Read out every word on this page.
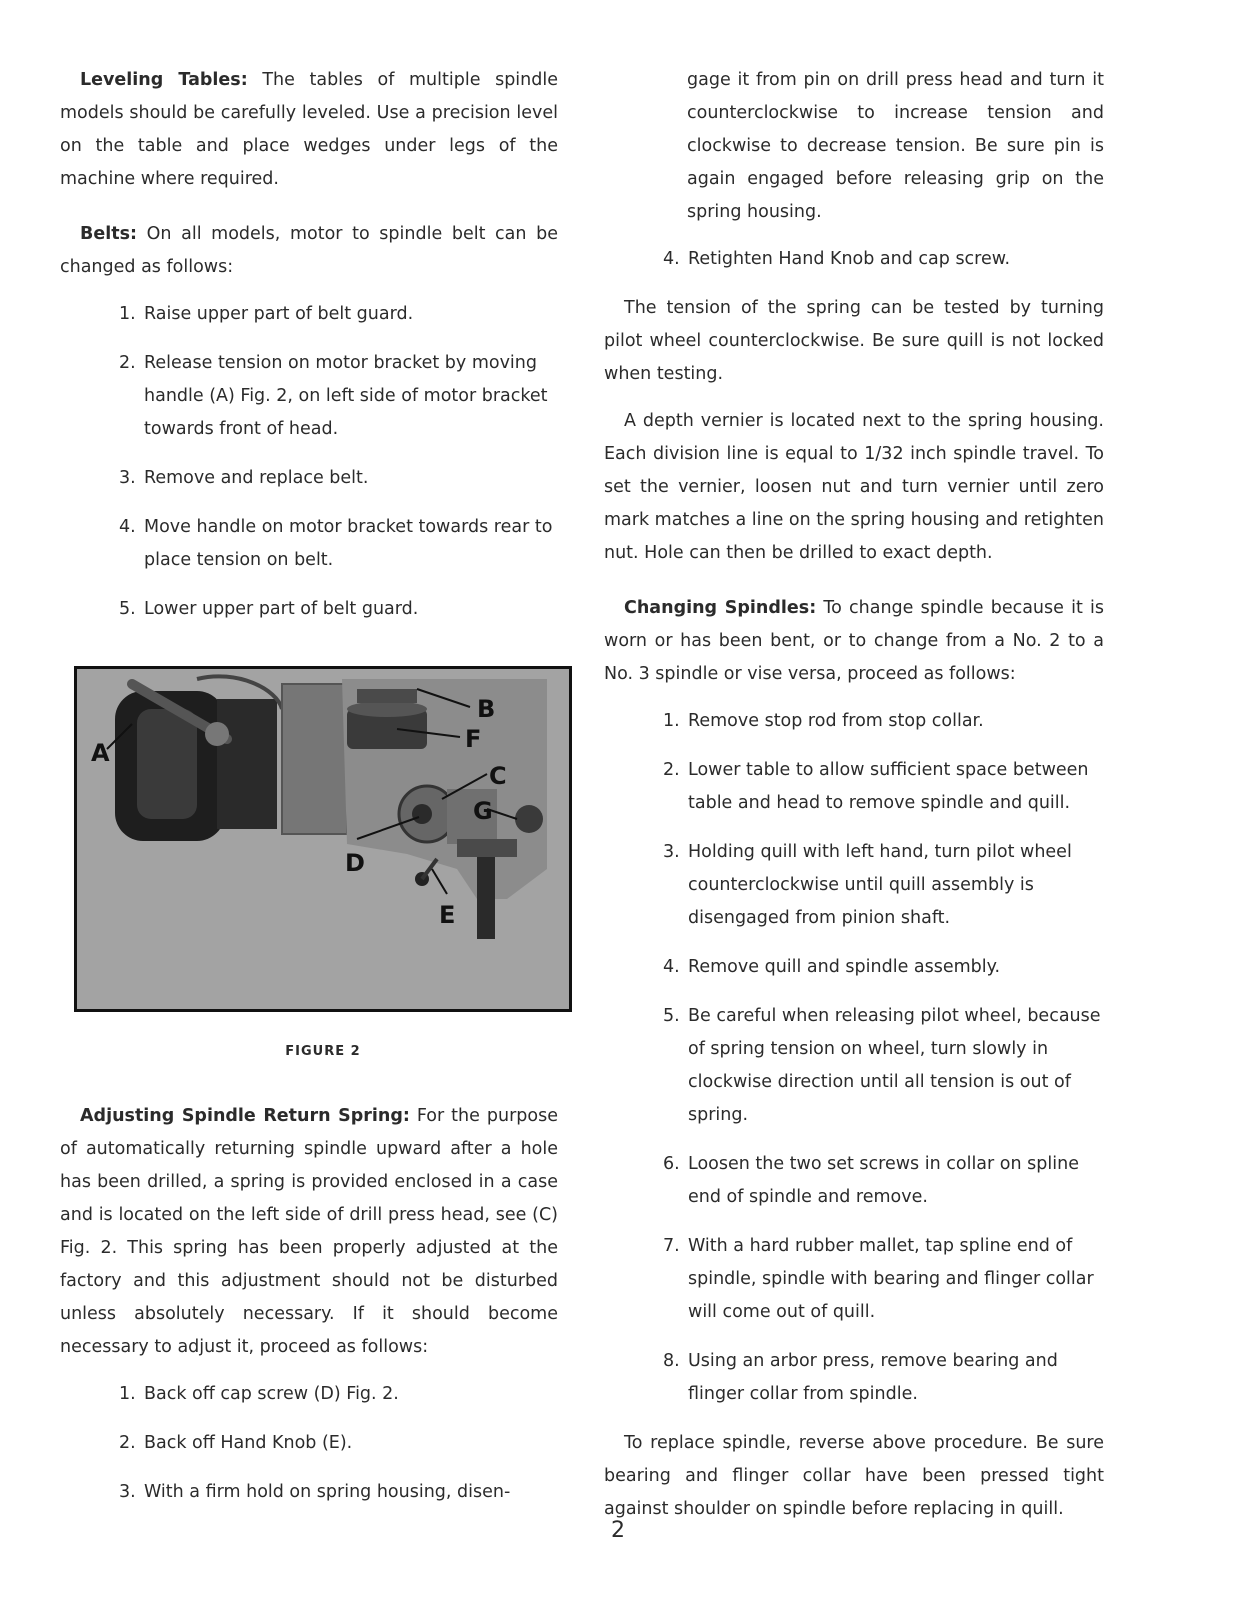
Leveling Tables: The tables of multiple spindle models should be carefully leveled. Use a precision level on the table and place wedges under legs of the machine where required.

Belts: On all models, motor to spindle belt can be changed as follows:

1. Raise upper part of belt guard.
2. Release tension on motor bracket by moving handle (A) Fig. 2, on left side of motor bracket towards front of head.
3. Remove and replace belt.
4. Move handle on motor bracket towards rear to place tension on belt.
5. Lower upper part of belt guard.
A
B
F
C
G
D
E
FIGURE 2

Adjusting Spindle Return Spring: For the purpose of automatically returning spindle upward after a hole has been drilled, a spring is provided enclosed in a case and is located on the left side of drill press head, see (C) Fig. 2. This spring has been properly adjusted at the factory and this adjustment should not be disturbed unless absolutely necessary. If it should become necessary to adjust it, proceed as follows:

1. Back off cap screw (D) Fig. 2.
2. Back off Hand Knob (E).
3. With a firm hold on spring housing, disen-

gage it from pin on drill press head and turn it counterclockwise to increase tension and clockwise to decrease tension. Be sure pin is again engaged before releasing grip on the spring housing.

4. Retighten Hand Knob and cap screw.

The tension of the spring can be tested by turning pilot wheel counterclockwise. Be sure quill is not locked when testing.

A depth vernier is located next to the spring housing. Each division line is equal to 1/32 inch spindle travel. To set the vernier, loosen nut and turn vernier until zero mark matches a line on the spring housing and retighten nut. Hole can then be drilled to exact depth.

Changing Spindles: To change spindle because it is worn or has been bent, or to change from a No. 2 to a No. 3 spindle or vise versa, proceed as follows:

1. Remove stop rod from stop collar.
2. Lower table to allow sufficient space between table and head to remove spindle and quill.
3. Holding quill with left hand, turn pilot wheel counterclockwise until quill assembly is disengaged from pinion shaft.
4. Remove quill and spindle assembly.
5. Be careful when releasing pilot wheel, because of spring tension on wheel, turn slowly in clockwise direction until all tension is out of spring.
6. Loosen the two set screws in collar on spline end of spindle and remove.
7. With a hard rubber mallet, tap spline end of spindle, spindle with bearing and flinger collar will come out of quill.
8. Using an arbor press, remove bearing and flinger collar from spindle.

To replace spindle, reverse above procedure. Be sure bearing and flinger collar have been pressed tight against shoulder on spindle before replacing in quill.

2
